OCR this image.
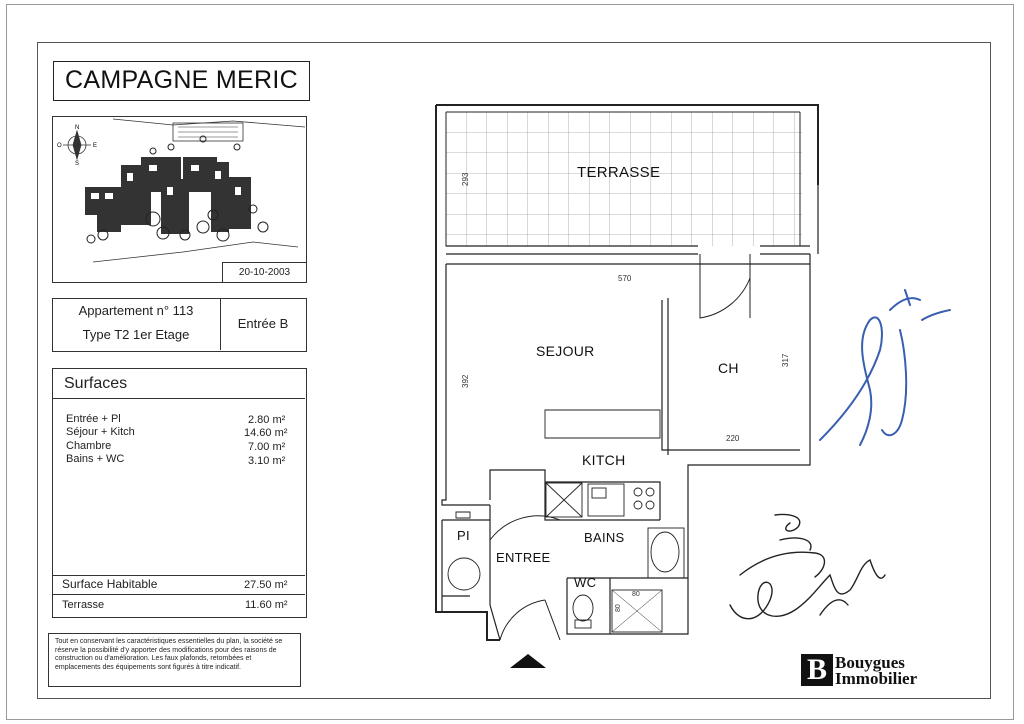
CAMPAGNE MERIC
N
E
S
O
20-10-2003
Appartement n° 113
Type T2 1er Etage
Entrée B
Surfaces
Entrée + Pl	2.80 m²
Séjour + Kitch	14.60 m²
Chambre	7.00 m²
Bains + WC	3.10 m²
Surface Habitable	27.50 m²
Terrasse	11.60 m²
Tout en conservant les caractéristiques essentielles du plan, la société se réserve la possibilité d'y apporter des modifications pour des raisons de construction ou d'amélioration. Les faux plafonds, retombées et emplacements des équipements sont figurés à titre indicatif.
570
220
293
392
317
80
80
TERRASSE
SEJOUR
CH
KITCH
PI
ENTREE
BAINS
WC
B Bouygues
Immobilier
